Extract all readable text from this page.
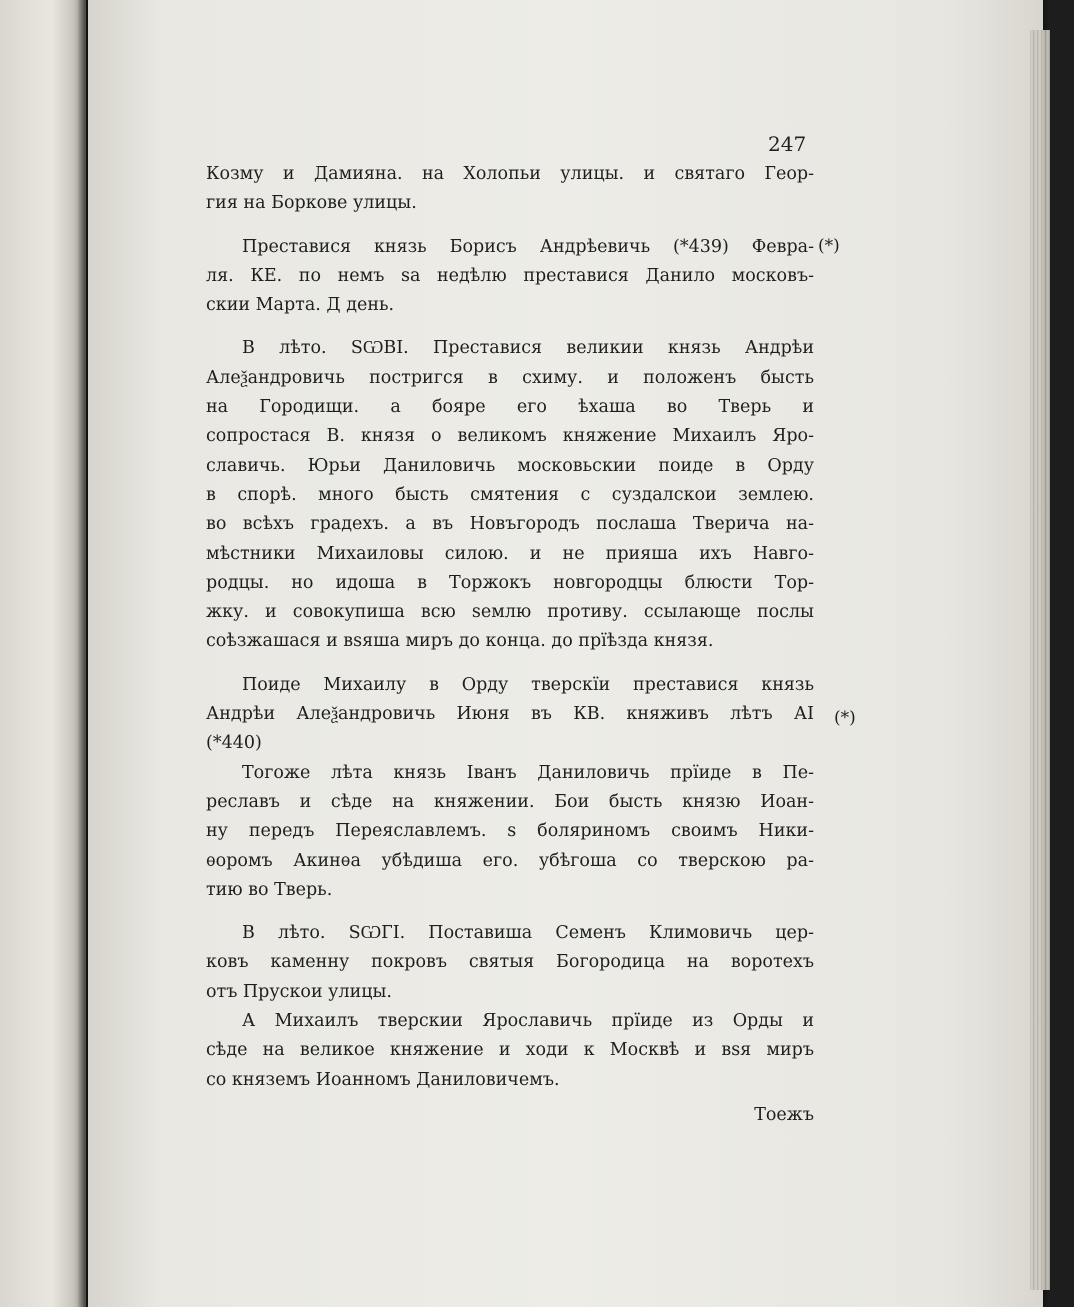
247
(*)
(*)
Козму и Дамияна. на Холопьи улицы. и святаго Геор-
гия на Боркове улицы.
Преставися князь Борисъ Андрѣевичь (*439) Февра-
ля. КЕ. по немъ ѕа недѣлю преставися Данило московъ-
скии Марта. Д день.
В лѣто. ЅѠВІ. Преставися великии князь Андрѣи
Алеѯандровичь постригся в схиму. и положенъ бысть
на Городищи. а бояре его ѣхаша во Тверь и
сопростася В. князя о великомъ княжение Михаилъ Яро-
славичь. Юрьи Даниловичь московьскии поиде в Орду
в спорѣ. много бысть смятения с суздалскои землею.
во всѣхъ градехъ. а въ Новъгородъ послаша Тверича на-
мѣстники Михаиловы силою. и не прияша ихъ Навго-
родцы. но идоша в Торжокъ новгородцы блюсти Тор-
жку. и совокупиша всю ѕемлю противу. ссылающе послы
соѣзжашася и вѕяша миръ до конца. до прїѣзда князя.
Поиде Михаилу в Орду тверскїи преставися князь
Андрѣи Алеѯандровичь Июня въ КВ. княживъ лѣтъ АІ
(*440)
Тогоже лѣта князь Іванъ Даниловичь прїиде в Пе-
реславъ и сѣде на княжении. Бои бысть князю Иоан-
ну передъ Переяславлемъ. ѕ боляриномъ своимъ Ники-
ѳоромъ Акинѳа убѣдиша его. убѣгоша со тверскою ра-
тию во Тверь.
В лѣто. ЅѠГІ. Поставиша Семенъ Климовичь цер-
ковъ каменну покровъ святыя Богородица на воротехъ
отъ Прускои улицы.
А Михаилъ тверскии Ярославичь прїиде из Орды и
сѣде на великое княжение и ходи к Москвѣ и вѕя миръ
со княземъ Иоанномъ Даниловичемъ.
Тоежъ
